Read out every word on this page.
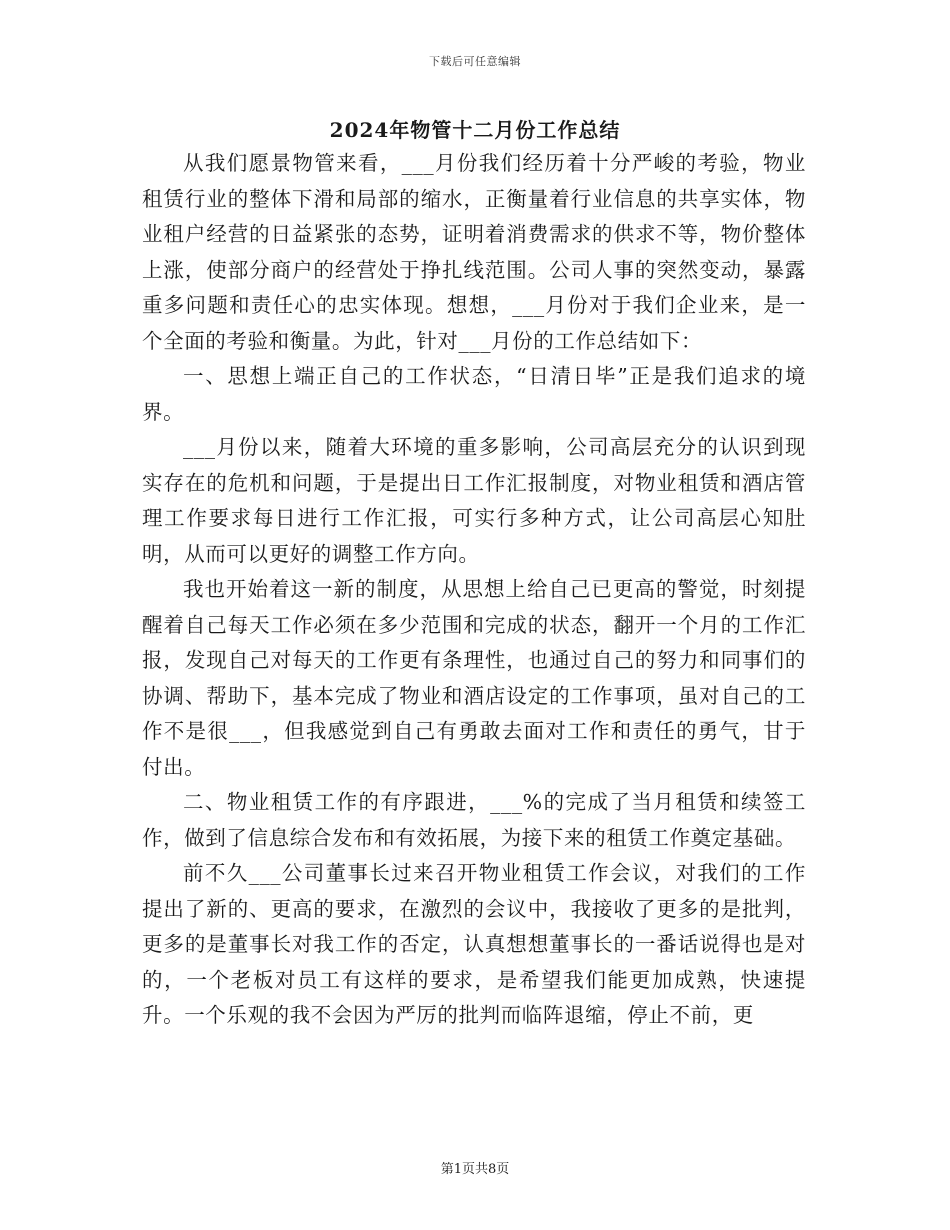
下载后可任意编辑
2024年物管十二月份工作总结

从我们愿景物管来看，___月份我们经历着十分严峻的考验，物业租赁行业的整体下滑和局部的缩水，正衡量着行业信息的共享实体，物业租户经营的日益紧张的态势，证明着消费需求的供求不等，物价整体上涨，使部分商户的经营处于挣扎线范围。公司人事的突然变动，暴露重多问题和责任心的忠实体现。想想，___月份对于我们企业来，是一个全面的考验和衡量。为此，针对___月份的工作总结如下：

一、思想上端正自己的工作状态，“日清日毕”正是我们追求的境界。

___月份以来，随着大环境的重多影响，公司高层充分的认识到现实存在的危机和问题，于是提出日工作汇报制度，对物业租赁和酒店管理工作要求每日进行工作汇报，可实行多种方式，让公司高层心知肚明，从而可以更好的调整工作方向。

我也开始着这一新的制度，从思想上给自己已更高的警觉，时刻提醒着自己每天工作必须在多少范围和完成的状态，翻开一个月的工作汇报，发现自己对每天的工作更有条理性，也通过自己的努力和同事们的协调、帮助下，基本完成了物业和酒店设定的工作事项，虽对自己的工作不是很___，但我感觉到自己有勇敢去面对工作和责任的勇气，甘于付出。

二、物业租赁工作的有序跟进，___%的完成了当月租赁和续签工作，做到了信息综合发布和有效拓展，为接下来的租赁工作奠定基础。

前不久___公司董事长过来召开物业租赁工作会议，对我们的工作提出了新的、更高的要求，在激烈的会议中，我接收了更多的是批判，更多的是董事长对我工作的否定，认真想想董事长的一番话说得也是对的，一个老板对员工有这样的要求，是希望我们能更加成熟，快速提升。一个乐观的我不会因为严厉的批判而临阵退缩，停止不前，更

第1页共8页
